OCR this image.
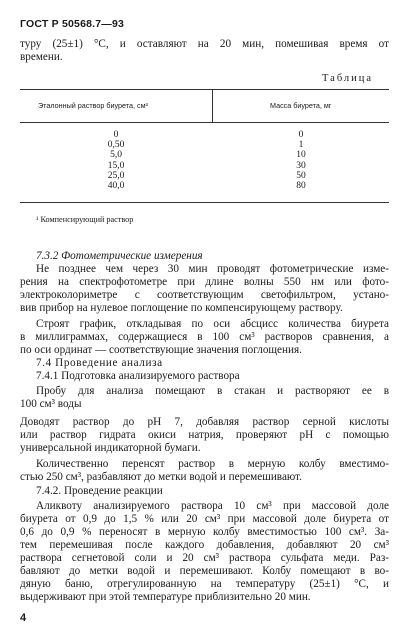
ГОСТ Р 50568.7—93
туру (25±1) °С, и оставляют на 20 мин, помешивая время от
времени.
Таблица
Эталонный раствор биурета, см³	Масса биурета, мг
0
0,50
5,0
15,0
25,0
40,0
0
1
10
30
50
80
¹ Компенсирующий раствор
7.3.2 Фотометрические измерения
Не позднее чем через 30 мин проводят фотометрические изме-
рения на спектрофотометре при длине волны 550 нм или фото-
электроколориметре с соответствующим светофильтром, устано-
вив прибор на нулевое поглощение по компенсирующему раствору.
Строят график, откладывая по оси абсцисс количества биурета
в миллиграммах, содержащиеся в 100 см³ растворов сравнения, а
по оси ординат — соответствующие значения поглощения.
7.4 Проведение анализа
7.4.1 Подготовка анализируемого раствора
Пробу для анализа помещают в стакан и растворяют ее в
100 см³ воды
Доводят раствор до рН 7, добавляя раствор серной кислоты
или раствор гидрата окиси натрия, проверяют рН с помощью
универсальной индикаторной бумаги.
Количественно перенсят раствор в мерную колбу вместимо-
стью 250 см³, разбавляют до метки водой и перемешивают.
7.4.2. Проведение реакции
Аликвоту анализируемого раствора 10 см³ при массовой доле
биурета от 0,9 до 1,5 % или 20 см³ при массовой доле биурета от
0,6 до 0,9 % переносят в мерную колбу вместимостью 100 см³. За-
тем перемешивая после каждого добавления, добавляют 20 см³
раствора сегнетовой соли и 20 см³ раствора сульфата меди. Раз-
бавляют до метки водой и перемешивают. Колбу помещают в во-
дяную баню, отрегулированную на температуру (25±1) °С, и
выдерживают при этой температуре приблизительно 20 мин.
4
